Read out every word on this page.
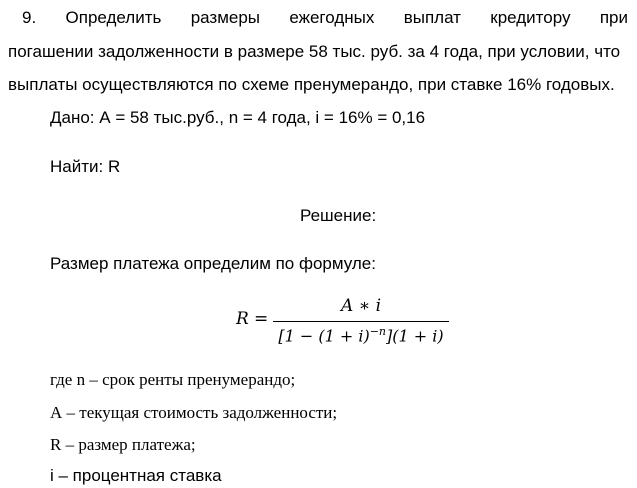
9. Определить размеры ежегодных выплат кредитору при
погашении задолженности в размере 58 тыс. руб. за 4 года, при условии, что
выплаты осуществляются по схеме пренумерандо, при ставке 16% годовых.
Дано: А = 58 тыс.руб., n = 4 года, i = 16% = 0,16
Найти: R
Решение:
Размер платежа определим по формуле:
R =
A ∗ i
$[1 - (1 + i)^{-n}](1 + i)$
где n – срок ренты пренумерандо;
А – текущая стоимость задолженности;
R – размер платежа;
i – процентная ставка
